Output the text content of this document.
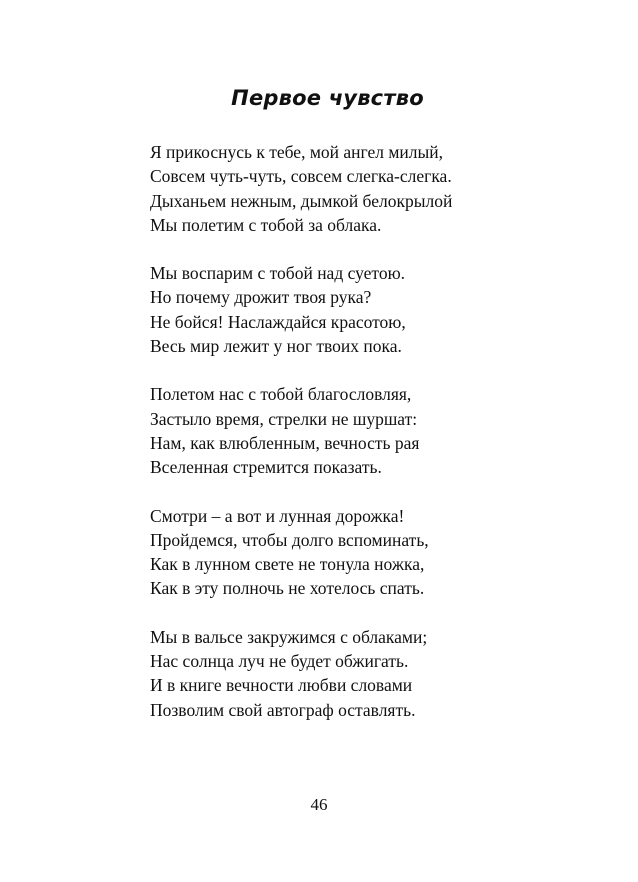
Первое чувство
Я прикоснусь к тебе, мой ангел милый,
Совсем чуть-чуть, совсем слегка-слегка.
Дыханьем нежным, дымкой белокрылой
Мы полетим с тобой за облака.
Мы воспарим с тобой над суетою.
Но почему дрожит твоя рука?
Не бойся! Наслаждайся красотою,
Весь мир лежит у ног твоих пока.
Полетом нас с тобой благословляя,
Застыло время, стрелки не шуршат:
Нам, как влюбленным, вечность рая
Вселенная стремится показать.
Смотри – а вот и лунная дорожка!
Пройдемся, чтобы долго вспоминать,
Как в лунном свете не тонула ножка,
Как в эту полночь не хотелось спать.
Мы в вальсе закружимся с облаками;
Нас солнца луч не будет обжигать.
И в книге вечности любви словами
Позволим свой автограф оставлять.
46
